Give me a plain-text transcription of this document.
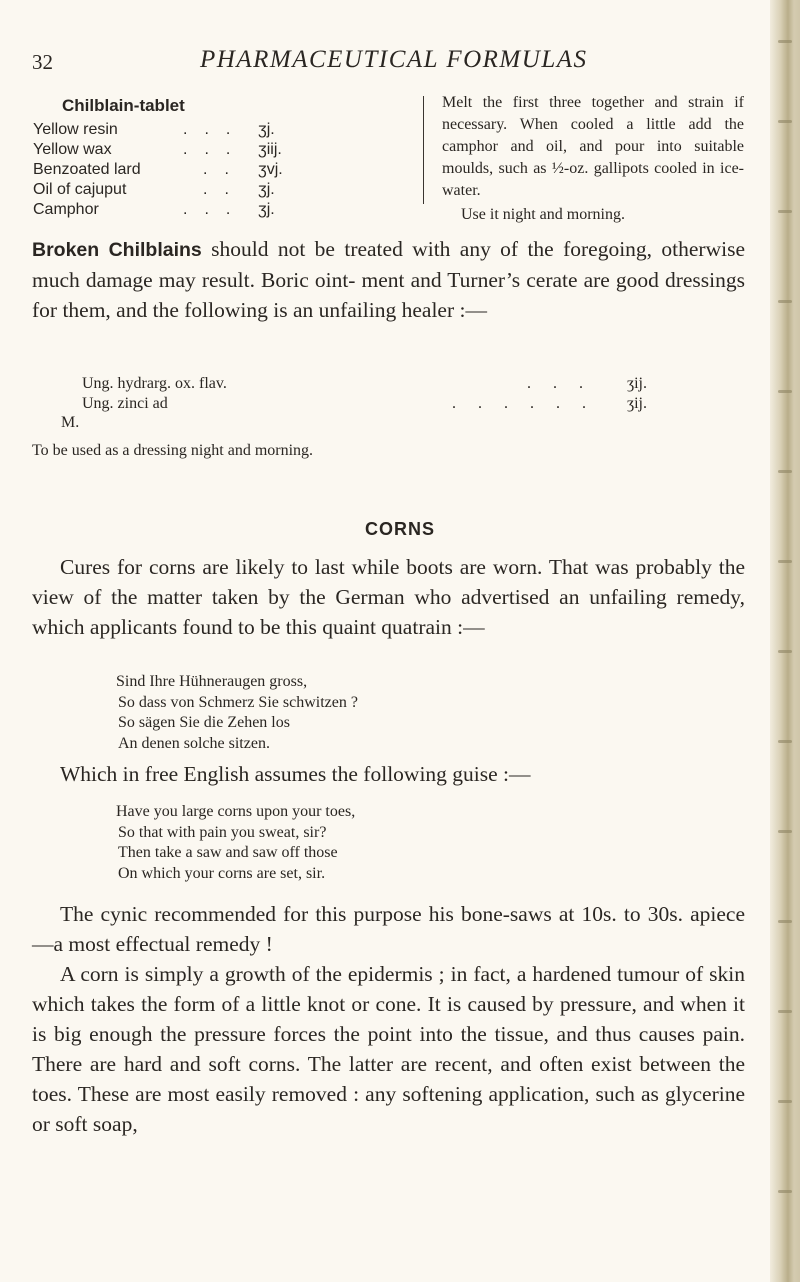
32	PHARMACEUTICAL FORMULAS
Chilblain-tablet
Yellow resin	... ʒj.
Yellow wax	... ʒiij.
Benzoated lard	.. ʒvj.
Oil of cajuput	.. ʒj.
Camphor	... ʒj.

Melt the first three together and strain if necessary. When cooled a little add the camphor and oil, and pour into suitable moulds, such as ½-oz. gallipots cooled in ice-water.

Use it night and morning.

Broken Chilblains should not be treated with any of the foregoing, otherwise much damage may result. Boric oint- ment and Turner’s cerate are good dressings for them, and the following is an unfailing healer :—

Ung. hydrarg. ox. flav.	... ʒij.
Ung. zinci ad	...... ʒij.
M.
To be used as a dressing night and morning.
CORNS

Cures for corns are likely to last while boots are worn. That was probably the view of the matter taken by the German who advertised an unfailing remedy, which applicants found to be this quaint quatrain :—

Sind Ihre Hühneraugen gross,
So dass von Schmerz Sie schwitzen ?
So sägen Sie die Zehen los
An denen solche sitzen.

Which in free English assumes the following guise :—

Have you large corns upon your toes,
So that with pain you sweat, sir?
Then take a saw and saw off those
On which your corns are set, sir.

The cynic recommended for this purpose his bone-saws at 10s. to 30s. apiece—a most effectual remedy !

A corn is simply a growth of the epidermis ; in fact, a hardened tumour of skin which takes the form of a little knot or cone. It is caused by pressure, and when it is big enough the pressure forces the point into the tissue, and thus causes pain. There are hard and soft corns. The latter are recent, and often exist between the toes. These are most easily removed : any softening application, such as glycerine or soft soap,
